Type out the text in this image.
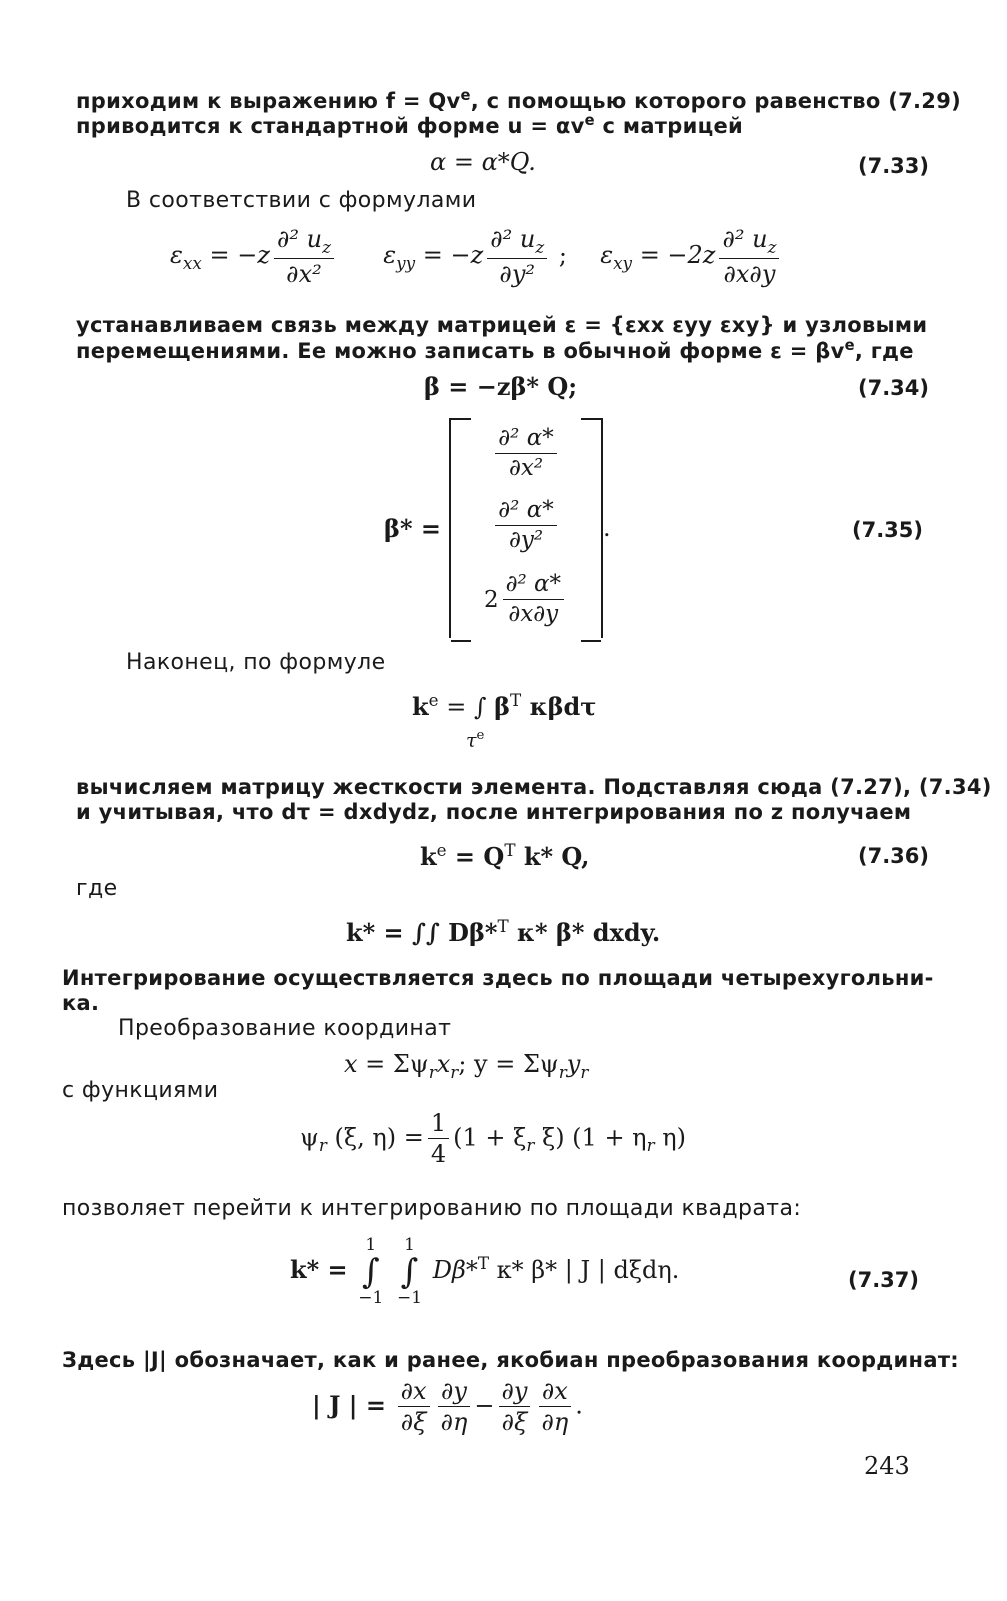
приходим к выражению $f = Qv^e$, с помощью которого равенство (7.29)
приводится к стандартной форме $u = \alpha v^e$ с матрицей
α = α*Q.	(7.33)
В соответствии с формулами
$\varepsilon_{xx} = -z \frac{\partial^2 u_z}{\text{∂x²}} \varepsilon_{yy} = -z \frac{\partial^2 u_z}{\text{∂y²}}$ ; $\varepsilon_{xy} = -2z \frac{\partial^2 u_z}{\partial x\partial y}$
устанавливаем связь между матрицей ε = {εxx εyy εxy} и узловыми
перемещениями. Ее можно записать в обычной форме $\varepsilon = \beta v^e$, где
β = −zβ* Q;	(7.34)
β* =
$\frac{\text{∂² α*}}{\text{∂x²}}$
$\frac{\text{∂² α*}}{\text{∂y²}}$
$2 \frac{\text{∂² α*}}{\partial x\partial y}$
.	(7.35)
Наконец, по формуле
$k^e$ = ∫ $\beta^T$ κβdτ
$\tau^e$
вычисляем матрицу жесткости элемента. Подставляя сюда (7.27), (7.34)
и учитывая, что dτ = dxdydz, после интегрирования по z получаем
$k^e = Q^T$ k* Q,	(7.36)
где
k* = ∫∫ Dβ*$^T$ κ* β* dxdy.
Интегрирование осуществляется здесь по площади четырехугольни-
ка.
Преобразование координат
$x = \Sigma\psi_rx_r$; $y = \Sigma\psi_ry_r$
с функциями
$\psi_r$ (ξ, $\eta) = \frac{1}{4} (1 + \xi_r$ ξ) ($1 + \eta_r$ η)
позволяет перейти к интегрированию по площади квадрата:
k* =
1
∫
−1

1
∫
−1
Dβ*$^T$ κ* β* | J | dξdη.	(7.37)
Здесь |J| обозначает, как и ранее, якобиан преобразования координат:
| J | = $\frac{\partial x}{\partial\xi} \frac{\partial y}{\partial\eta} - \frac{\partial y}{\partial\xi} \frac{\partial x}{\partial\eta}$ .
243
